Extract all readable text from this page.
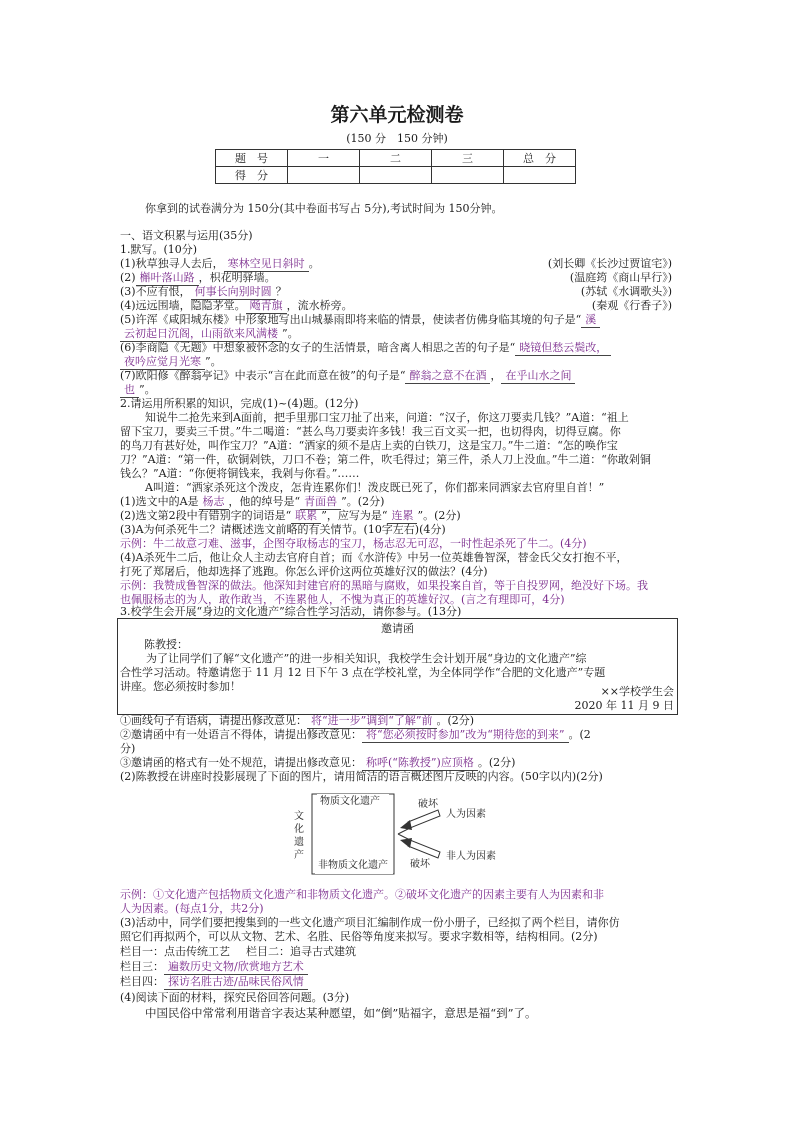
第六单元检测卷
(150 分　150 分钟)
题　号	一	二	三	总　分
得　分				
你拿到的试卷满分为 150分(其中卷面书写占 5分),考试时间为 150分钟。
一、语文积累与运用(35分)
1.默写。(10分)
(1)秋草独寻人去后， 寒林空见日斜时 。	(刘长卿《长沙过贾谊宅》)
(2) 槲叶落山路 ，枳花明驿墙。	(温庭筠《商山早行》)
(3)不应有恨， 何事长向别时圆 ？	(苏轼《水调歌头》)
(4)远远围墙，隐隐茅堂。 飏青旗 ，流水桥旁。	(秦观《行香子》)
(5)许浑《咸阳城东楼》中形象地写出山城暴雨即将来临的情景，使读者仿佛身临其境的句子是“ 溪
云初起日沉阁，山雨欲来风满楼 ”。
(6)李商隐《无题》中想象被怀念的女子的生活情景，暗含离人相思之苦的句子是“ 晓镜但愁云鬓改，
夜吟应觉月光寒 ”。
(7)欧阳修《醉翁亭记》中表示“言在此而意在彼”的句子是“ 醉翁之意不在酒 ， 在乎山水之间
也 ”。
2.请运用所积累的知识，完成(1)~(4)题。(12分)
知说牛二抢先来到A面前，把手里那口宝刀扯了出来，问道：“汉子，你这刀要卖几钱？”A道：“祖上
留下宝刀，要卖三千贯。”牛二喝道：“甚么鸟刀要卖许多钱！我三百文买一把，也切得肉，切得豆腐。你
的鸟刀有甚好处，叫作宝刀？”A道：“洒家的须不是店上卖的白铁刀，这是宝刀。”牛二道：“怎的唤作宝
刀？”A道：“第一件，砍铜剁铁，刀口不卷；第二件，吹毛得过；第三件，杀人刀上没血。”牛二道：“你敢剁铜
钱么？”A道：“你便将铜钱来，我剁与你看。”……
A叫道：“洒家杀死这个泼皮，怎肯连累你们！泼皮既已死了，你们都来同洒家去官府里自首！”
(1)选文中的A是 杨志 ，他的绰号是“ 青面兽 ”。(2分)
(2)选文第2段中有错别字的词语是“ 联累 ”，应写为是“ 连累 ”。(2分)
(3)A为何杀死牛二？请概述选文前略的有关情节。(10字左右)(4分)
示例：牛二故意刁难、滋事，企图夺取杨志的宝刀，杨志忍无可忍，一时性起杀死了牛二。(4分)
(4)A杀死牛二后，他让众人主动去官府自首；而《水浒传》中另一位英雄鲁智深，替金氏父女打抱不平，
打死了郑屠后，他却选择了逃跑。你怎么评价这两位英雄好汉的做法？(4分)
示例：我赞成鲁智深的做法。他深知封建官府的黑暗与腐败，如果投案自首，等于自投罗网，绝没好下场。我
也佩服杨志的为人，敢作敢当，不连累他人，不愧为真正的英雄好汉。(言之有理即可，4分)
3.校学生会开展“身边的文化遗产”综合性学习活动，请你参与。(13分)
邀请函
陈教授：
为了让同学们了解“文化遗产”的进一步相关知识，我校学生会计划开展“身边的文化遗产”综
合性学习活动。特邀请您于 11 月 12 日下午 3 点在学校礼堂，为全体同学作“合肥的文化遗产”专题
讲座。您必须按时参加！	××学校学生会
2020 年 11 月 9 日
①画线句子有语病，请提出修改意见： 将“进一步”调到“了解”前 。(2分)
②邀请函中有一处语言不得体，请提出修改意见： 将“您必须按时参加”改为“期待您的到来” 。(2
分)
③邀请函的格式有一处不规范，请提出修改意见： 称呼(“陈教授”)应顶格 。(2分)
(2)陈教授在讲座时投影展现了下面的图片，请用简洁的语言概述图片反映的内容。(50字以内)(2分)
文化遗产
物质文化遗产
非物质文化遗产
破坏
破坏
人为因素
非人为因素
示例：①文化遗产包括物质文化遗产和非物质文化遗产。②破坏文化遗产的因素主要有人为因素和非
人为因素。(每点1分，共2分)
(3)活动中，同学们要把搜集到的一些文化遗产项目汇编制作成一份小册子，已经拟了两个栏目，请你仿
照它们再拟两个，可以从文物、艺术、名胜、民俗等角度来拟写。要求字数相等，结构相同。(2分)
栏目一：点击传统工艺 栏目二：追寻古式建筑
栏目三： 遍数历史文物/欣赏地方艺术
栏目四： 探访名胜古迹/品味民俗风情
(4)阅读下面的材料，探究民俗回答问题。(3分)
中国民俗中常常利用谐音字表达某种愿望，如“倒”贴福字，意思是福“到”了。
